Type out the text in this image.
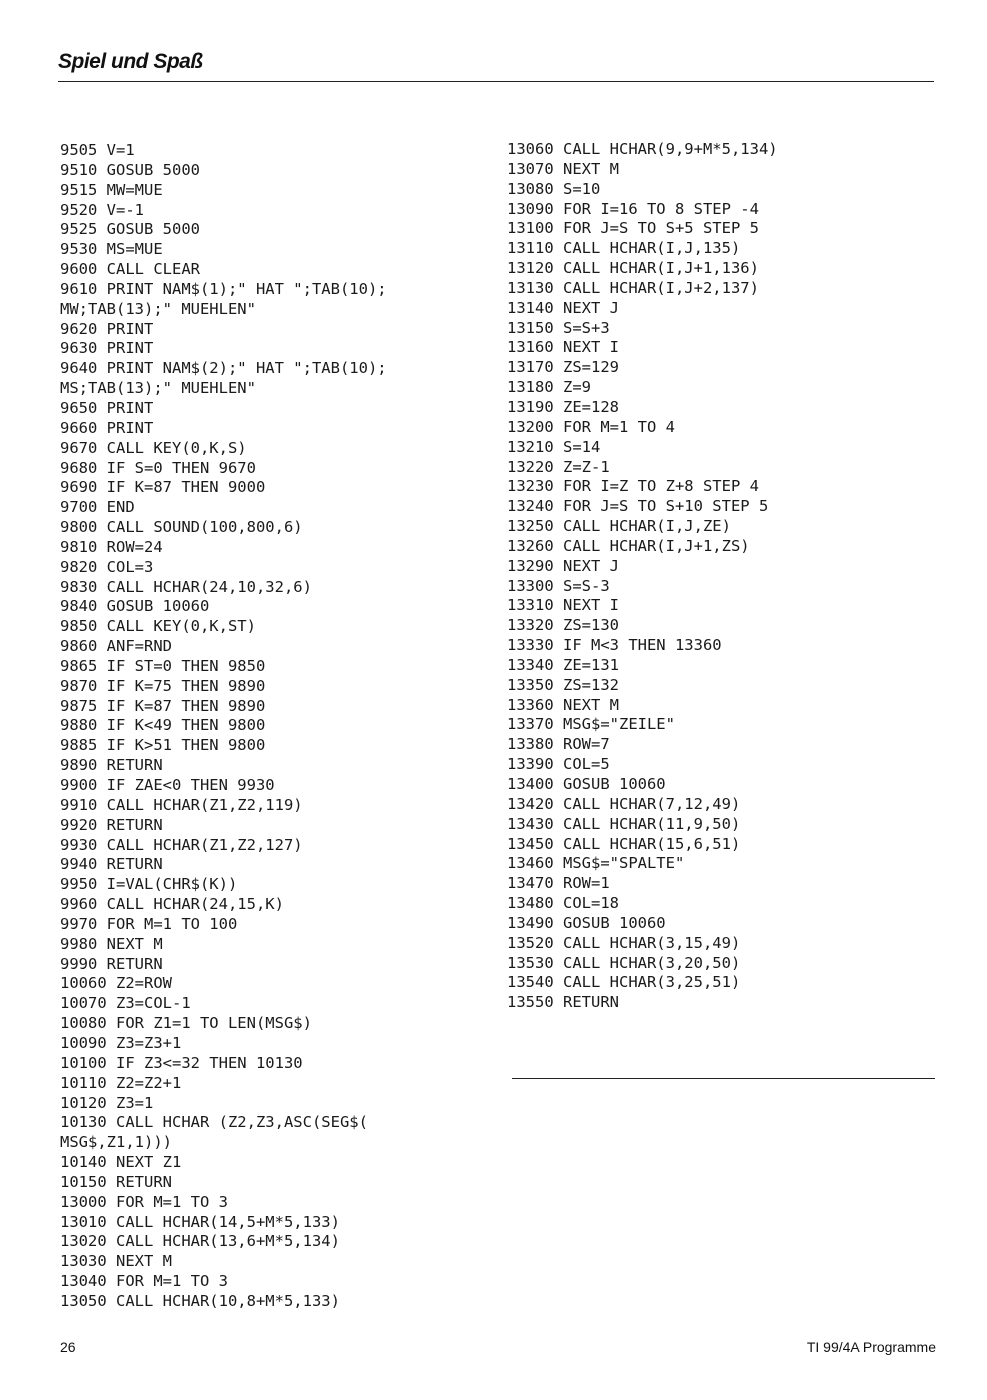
Spiel und Spaß
9505 V=1
9510 GOSUB 5000
9515 MW=MUE
9520 V=-1
9525 GOSUB 5000
9530 MS=MUE
9600 CALL CLEAR
9610 PRINT NAM$(1);" HAT ";TAB(10);
MW;TAB(13);" MUEHLEN"
9620 PRINT
9630 PRINT
9640 PRINT NAM$(2);" HAT ";TAB(10);
MS;TAB(13);" MUEHLEN"
9650 PRINT
9660 PRINT
9670 CALL KEY(0,K,S)
9680 IF S=0 THEN 9670
9690 IF K=87 THEN 9000
9700 END
9800 CALL SOUND(100,800,6)
9810 ROW=24
9820 COL=3
9830 CALL HCHAR(24,10,32,6)
9840 GOSUB 10060
9850 CALL KEY(0,K,ST)
9860 ANF=RND
9865 IF ST=0 THEN 9850
9870 IF K=75 THEN 9890
9875 IF K=87 THEN 9890
9880 IF K<49 THEN 9800
9885 IF K>51 THEN 9800
9890 RETURN
9900 IF ZAE<0 THEN 9930
9910 CALL HCHAR(Z1,Z2,119)
9920 RETURN
9930 CALL HCHAR(Z1,Z2,127)
9940 RETURN
9950 I=VAL(CHR$(K))
9960 CALL HCHAR(24,15,K)
9970 FOR M=1 TO 100
9980 NEXT M
9990 RETURN
10060 Z2=ROW
10070 Z3=COL-1
10080 FOR Z1=1 TO LEN(MSG$)
10090 Z3=Z3+1
10100 IF Z3<=32 THEN 10130
10110 Z2=Z2+1
10120 Z3=1
10130 CALL HCHAR (Z2,Z3,ASC(SEG$(
MSG$,Z1,1)))
10140 NEXT Z1
10150 RETURN
13000 FOR M=1 TO 3
13010 CALL HCHAR(14,5+M*5,133)
13020 CALL HCHAR(13,6+M*5,134)
13030 NEXT M
13040 FOR M=1 TO 3
13050 CALL HCHAR(10,8+M*5,133)
13060 CALL HCHAR(9,9+M*5,134)
13070 NEXT M
13080 S=10
13090 FOR I=16 TO 8 STEP -4
13100 FOR J=S TO S+5 STEP 5
13110 CALL HCHAR(I,J,135)
13120 CALL HCHAR(I,J+1,136)
13130 CALL HCHAR(I,J+2,137)
13140 NEXT J
13150 S=S+3
13160 NEXT I
13170 ZS=129
13180 Z=9
13190 ZE=128
13200 FOR M=1 TO 4
13210 S=14
13220 Z=Z-1
13230 FOR I=Z TO Z+8 STEP 4
13240 FOR J=S TO S+10 STEP 5
13250 CALL HCHAR(I,J,ZE)
13260 CALL HCHAR(I,J+1,ZS)
13290 NEXT J
13300 S=S-3
13310 NEXT I
13320 ZS=130
13330 IF M<3 THEN 13360
13340 ZE=131
13350 ZS=132
13360 NEXT M
13370 MSG$="ZEILE"
13380 ROW=7
13390 COL=5
13400 GOSUB 10060
13420 CALL HCHAR(7,12,49)
13430 CALL HCHAR(11,9,50)
13450 CALL HCHAR(15,6,51)
13460 MSG$="SPALTE"
13470 ROW=1
13480 COL=18
13490 GOSUB 10060
13520 CALL HCHAR(3,15,49)
13530 CALL HCHAR(3,20,50)
13540 CALL HCHAR(3,25,51)
13550 RETURN
26	TI 99/4A Programme
